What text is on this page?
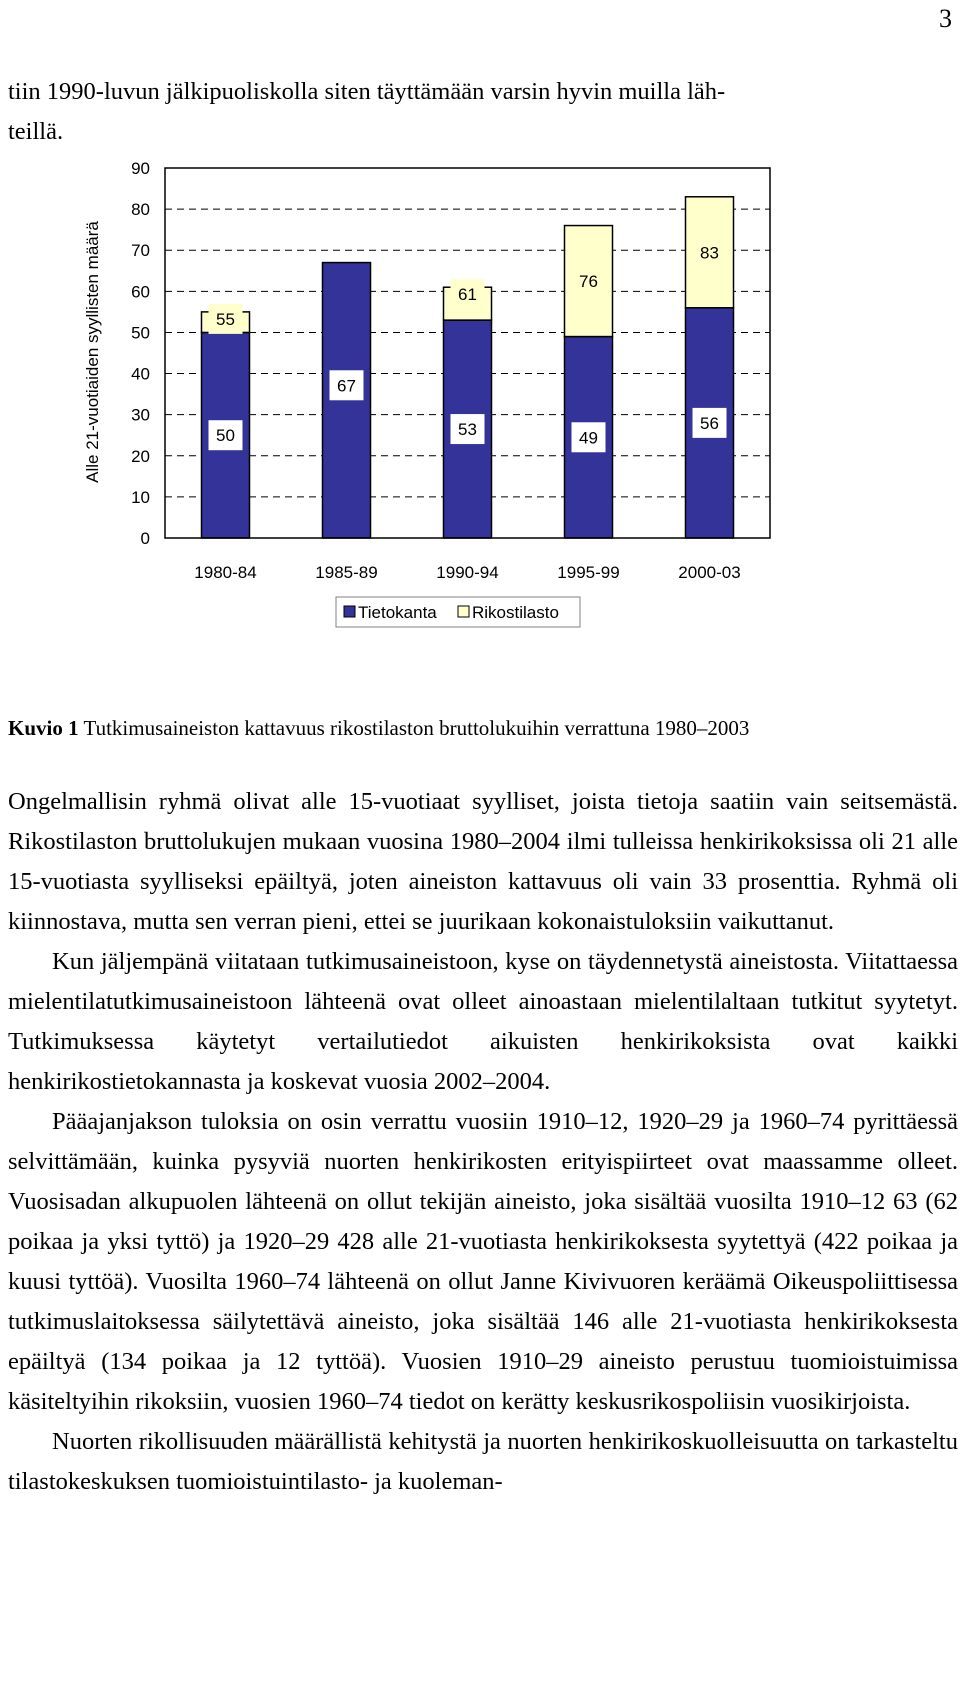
3

tiin 1990-luvun jälkipuoliskolla siten täyttämään varsin hyvin muilla läh-
teillä.

0
10
20
30
40
50
60
70
80
90
Alle 21-vuotiaiden syyllisten määrä
1980-84	1985-89	1990-94	1995-99	2000-03
50
55
67
53
61
49
76
56
83
Tietokanta Rikostilasto
Kuvio 1 Tutkimusaineiston kattavuus rikostilaston bruttolukuihin verrattuna 1980–2003

Ongelmallisin ryhmä olivat alle 15-vuotiaat syylliset, joista tietoja saatiin vain seitsemästä. Rikostilaston bruttolukujen mukaan vuosina 1980–2004 ilmi tulleissa henkirikoksissa oli 21 alle 15-vuotiasta syylliseksi epäiltyä, joten aineiston kattavuus oli vain 33 prosenttia. Ryhmä oli kiinnostava, mutta sen verran pieni, ettei se juurikaan kokonaistuloksiin vaikuttanut.

Kun jäljempänä viitataan tutkimusaineistoon, kyse on täydennetystä aineistosta. Viitattaessa mielentilatutkimusaineistoon lähteenä ovat olleet ainoastaan mielentilaltaan tutkitut syytetyt. Tutkimuksessa käytetyt vertailutiedot aikuisten henkirikoksista ovat kaikki henkirikostietokannasta ja koskevat vuosia 2002–2004.

Pääajanjakson tuloksia on osin verrattu vuosiin 1910–12, 1920–29 ja 1960–74 pyrittäessä selvittämään, kuinka pysyviä nuorten henkirikosten erityispiirteet ovat maassamme olleet. Vuosisadan alkupuolen lähteenä on ollut tekijän aineisto, joka sisältää vuosilta 1910–12 63 (62 poikaa ja yksi tyttö) ja 1920–29 428 alle 21-vuotiasta henkirikoksesta syytettyä (422 poikaa ja kuusi tyttöä). Vuosilta 1960–74 lähteenä on ollut Janne Kivivuoren keräämä Oikeuspoliittisessa tutkimuslaitoksessa säilytettävä aineisto, joka sisältää 146 alle 21-vuotiasta henkirikoksesta epäiltyä (134 poikaa ja 12 tyttöä). Vuosien 1910–29 aineisto perustuu tuomioistuimissa käsiteltyihin rikoksiin, vuosien 1960–74 tiedot on kerätty keskusrikospoliisin vuosikirjoista.

Nuorten rikollisuuden määrällistä kehitystä ja nuorten henkirikoskuolleisuutta on tarkasteltu tilastokeskuksen tuomioistuintilasto- ja kuoleman-
